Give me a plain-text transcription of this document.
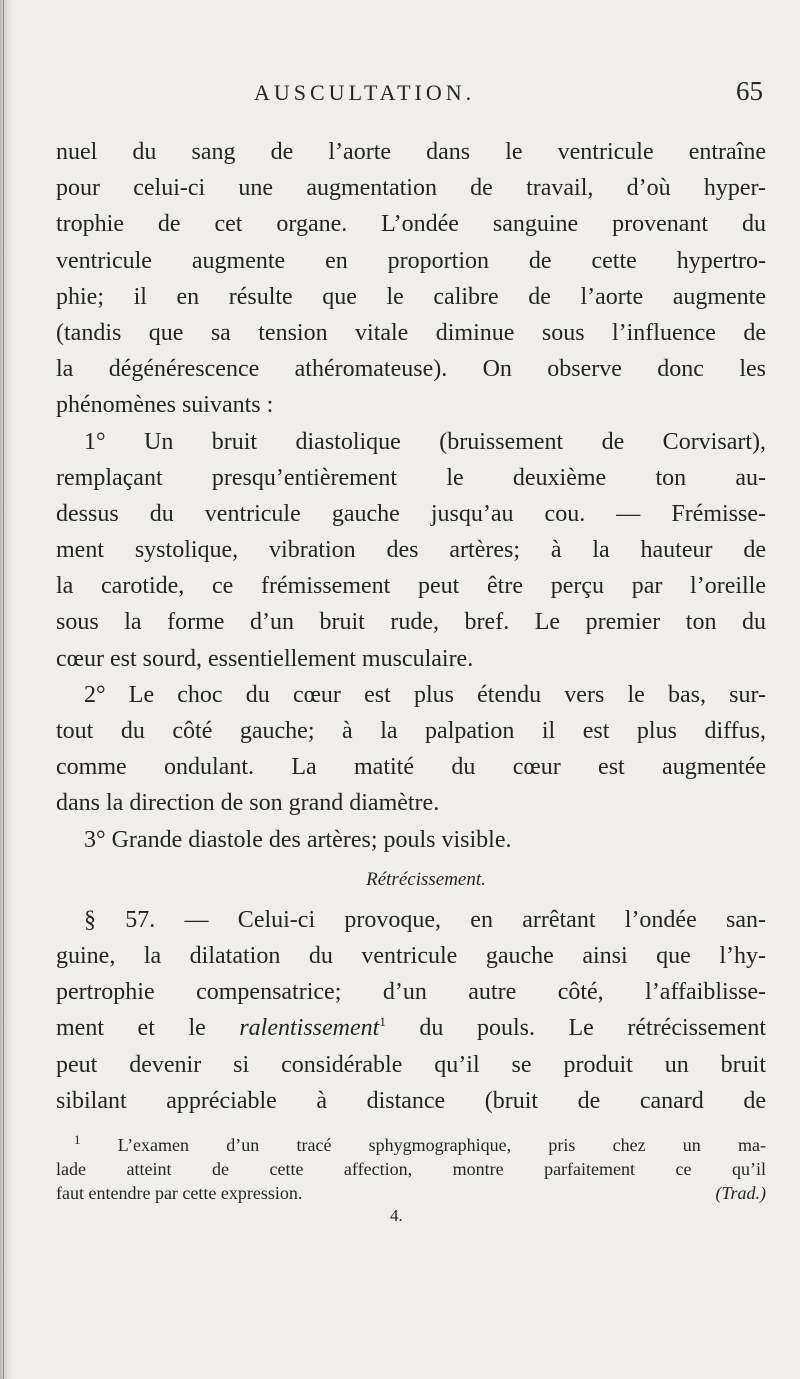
AUSCULTATION.	65
nuel du sang de l’aorte dans le ventricule entraîne
pour celui-ci une augmentation de travail, d’où hyper-
trophie de cet organe. L’ondée sanguine provenant du
ventricule augmente en proportion de cette hypertro-
phie; il en résulte que le calibre de l’aorte augmente
(tandis que sa tension vitale diminue sous l’influence de
la dégénérescence athéromateuse). On observe donc les
phénomènes suivants :
1° Un bruit diastolique (bruissement de Corvisart),
remplaçant presqu’entièrement le deuxième ton au-
dessus du ventricule gauche jusqu’au cou. — Frémisse-
ment systolique, vibration des artères; à la hauteur de
la carotide, ce frémissement peut être perçu par l’oreille
sous la forme d’un bruit rude, bref. Le premier ton du
cœur est sourd, essentiellement musculaire.
2° Le choc du cœur est plus étendu vers le bas, sur-
tout du côté gauche; à la palpation il est plus diffus,
comme ondulant. La matité du cœur est augmentée
dans la direction de son grand diamètre.
3° Grande diastole des artères; pouls visible.
Rétrécissement.
§ 57. — Celui-ci provoque, en arrêtant l’ondée san-
guine, la dilatation du ventricule gauche ainsi que l’hy-
pertrophie compensatrice; d’un autre côté, l’affaiblisse-
ment et le ralentissement$^1$ du pouls. Le rétrécissement
peut devenir si considérable qu’il se produit un bruit
sibilant appréciable à distance (bruit de canard de
$^1$ L’examen d’un tracé sphygmographique, pris chez un ma-
lade atteint de cette affection, montre parfaitement ce qu’il
faut entendre par cette expression.	(Trad.)
4.
